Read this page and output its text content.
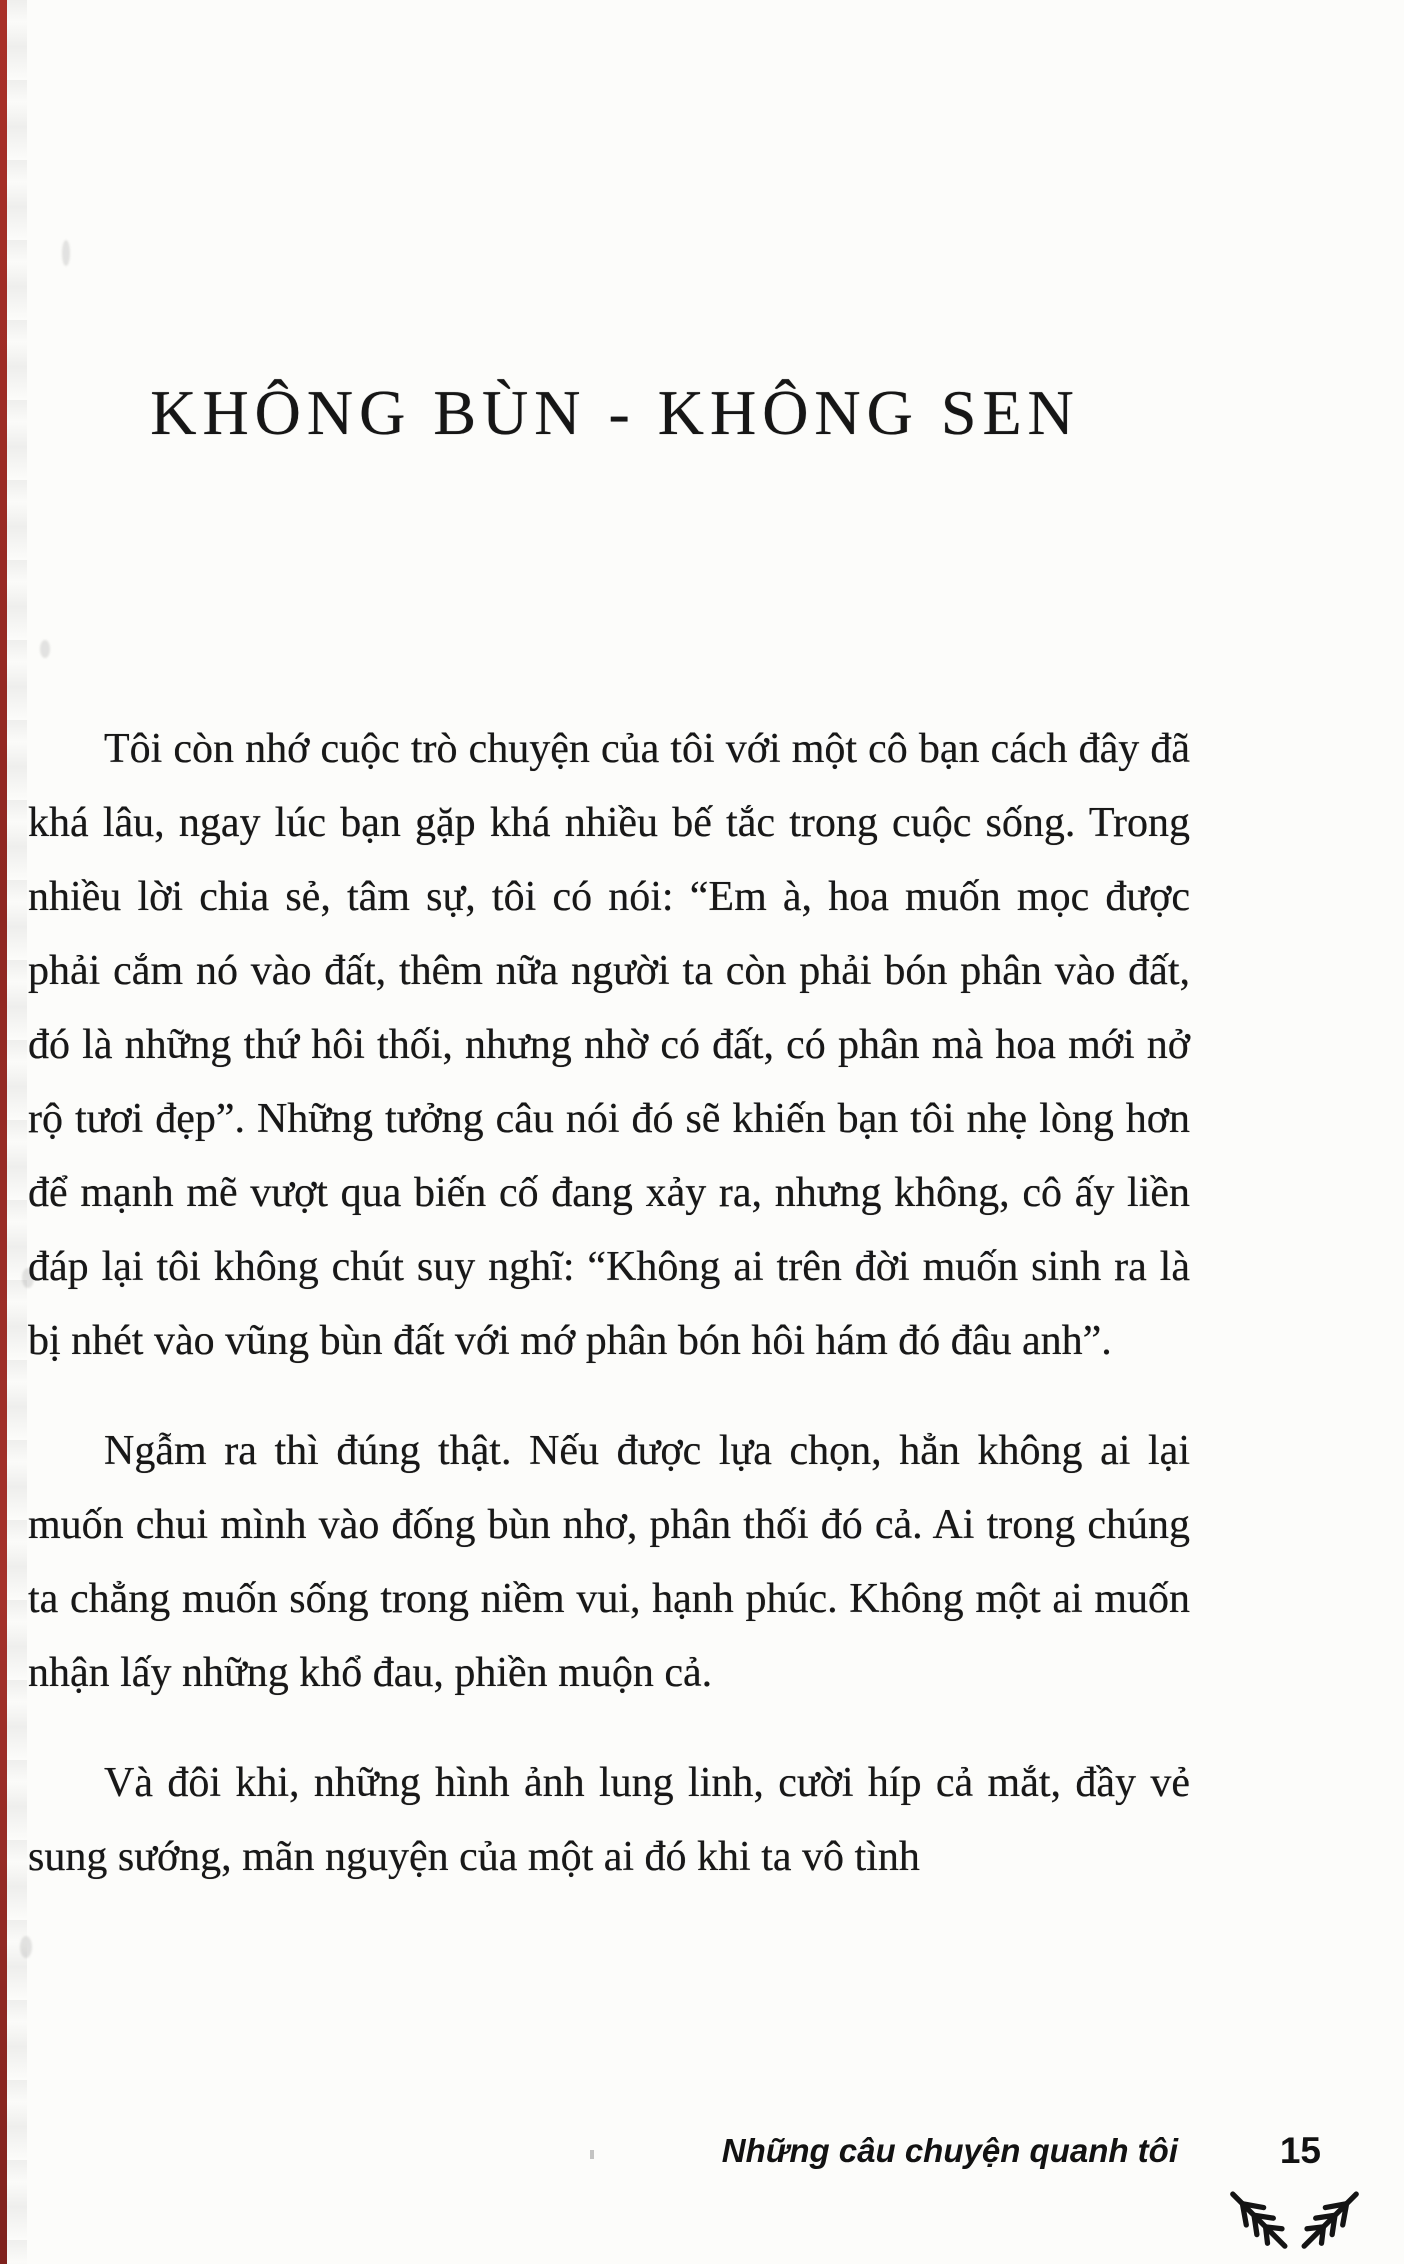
KHÔNG BÙN - KHÔNG SEN

Tôi còn nhớ cuộc trò chuyện của tôi với một cô bạn cách đây đã khá lâu, ngay lúc bạn gặp khá nhiều bế tắc trong cuộc sống. Trong nhiều lời chia sẻ, tâm sự, tôi có nói: “Em à, hoa muốn mọc được phải cắm nó vào đất, thêm nữa người ta còn phải bón phân vào đất, đó là những thứ hôi thối, nhưng nhờ có đất, có phân mà hoa mới nở rộ tươi đẹp”. Những tưởng câu nói đó sẽ khiến bạn tôi nhẹ lòng hơn để mạnh mẽ vượt qua biến cố đang xảy ra, nhưng không, cô ấy liền đáp lại tôi không chút suy nghĩ: “Không ai trên đời muốn sinh ra là bị nhét vào vũng bùn đất với mớ phân bón hôi hám đó đâu anh”.

Ngẫm ra thì đúng thật. Nếu được lựa chọn, hẳn không ai lại muốn chui mình vào đống bùn nhơ, phân thối đó cả. Ai trong chúng ta chẳng muốn sống trong niềm vui, hạnh phúc. Không một ai muốn nhận lấy những khổ đau, phiền muộn cả.

Và đôi khi, những hình ảnh lung linh, cười híp cả mắt, đầy vẻ sung sướng, mãn nguyện của một ai đó khi ta vô tình

Những câu chuyện quanh tôi	15
